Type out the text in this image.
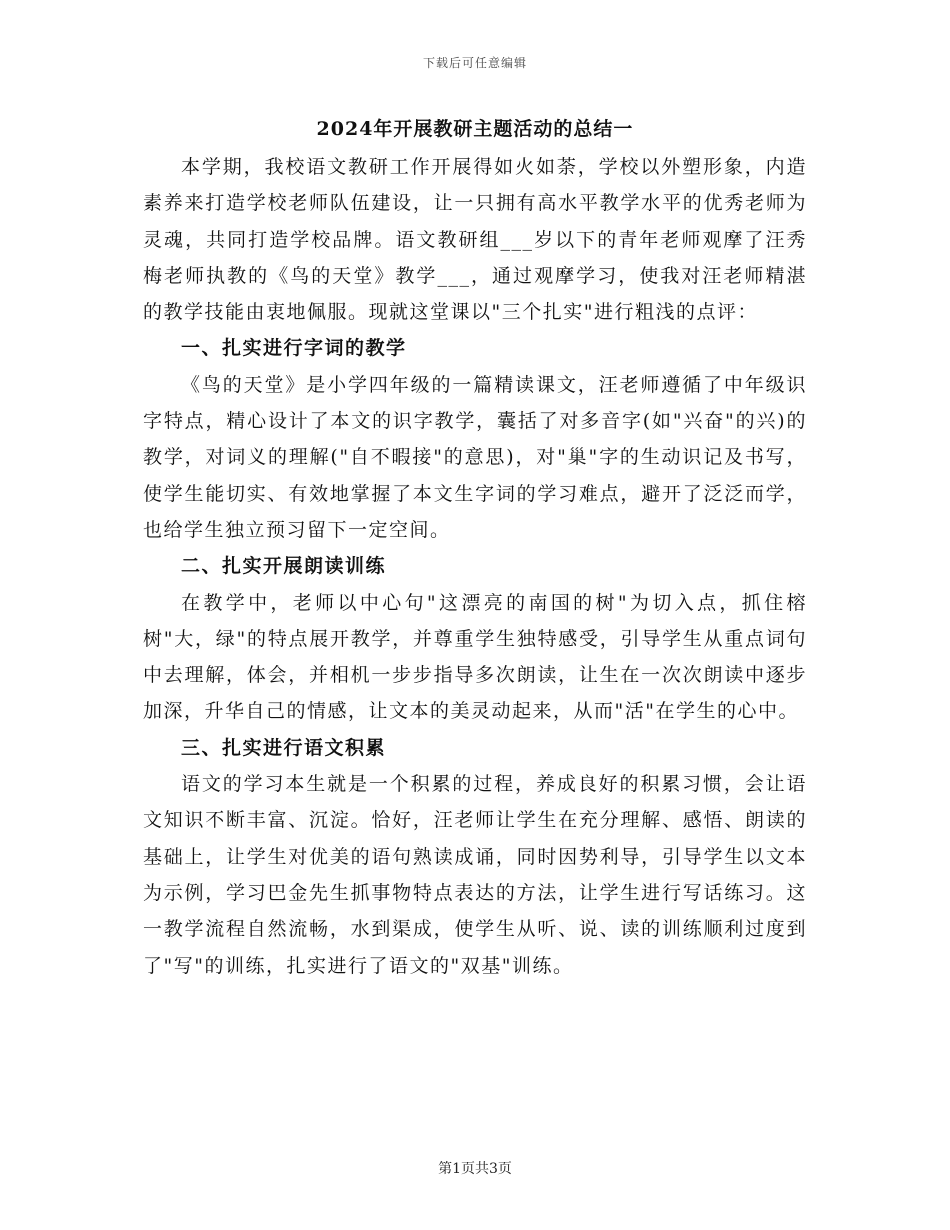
下载后可任意编辑
2024年开展教研主题活动的总结一

本学期，我校语文教研工作开展得如火如荼，学校以外塑形象，内造素养来打造学校老师队伍建设，让一只拥有高水平教学水平的优秀老师为灵魂，共同打造学校品牌。语文教研组___岁以下的青年老师观摩了汪秀梅老师执教的《鸟的天堂》教学___，通过观摩学习，使我对汪老师精湛的教学技能由衷地佩服。现就这堂课以"三个扎实"进行粗浅的点评：

一、扎实进行字词的教学

《鸟的天堂》是小学四年级的一篇精读课文，汪老师遵循了中年级识字特点，精心设计了本文的识字教学，囊括了对多音字(如"兴奋"的兴)的教学，对词义的理解("自不暇接"的意思)，对"巢"字的生动识记及书写，使学生能切实、有效地掌握了本文生字词的学习难点，避开了泛泛而学，也给学生独立预习留下一定空间。

二、扎实开展朗读训练

在教学中，老师以中心句"这漂亮的南国的树"为切入点，抓住榕树"大，绿"的特点展开教学，并尊重学生独特感受，引导学生从重点词句中去理解，体会，并相机一步步指导多次朗读，让生在一次次朗读中逐步加深，升华自己的情感，让文本的美灵动起来，从而"活"在学生的心中。

三、扎实进行语文积累

语文的学习本生就是一个积累的过程，养成良好的积累习惯，会让语文知识不断丰富、沉淀。恰好，汪老师让学生在充分理解、感悟、朗读的基础上，让学生对优美的语句熟读成诵，同时因势利导，引导学生以文本为示例，学习巴金先生抓事物特点表达的方法，让学生进行写话练习。这一教学流程自然流畅，水到渠成，使学生从听、说、读的训练顺利过度到了"写"的训练，扎实进行了语文的"双基"训练。

第1页共3页
